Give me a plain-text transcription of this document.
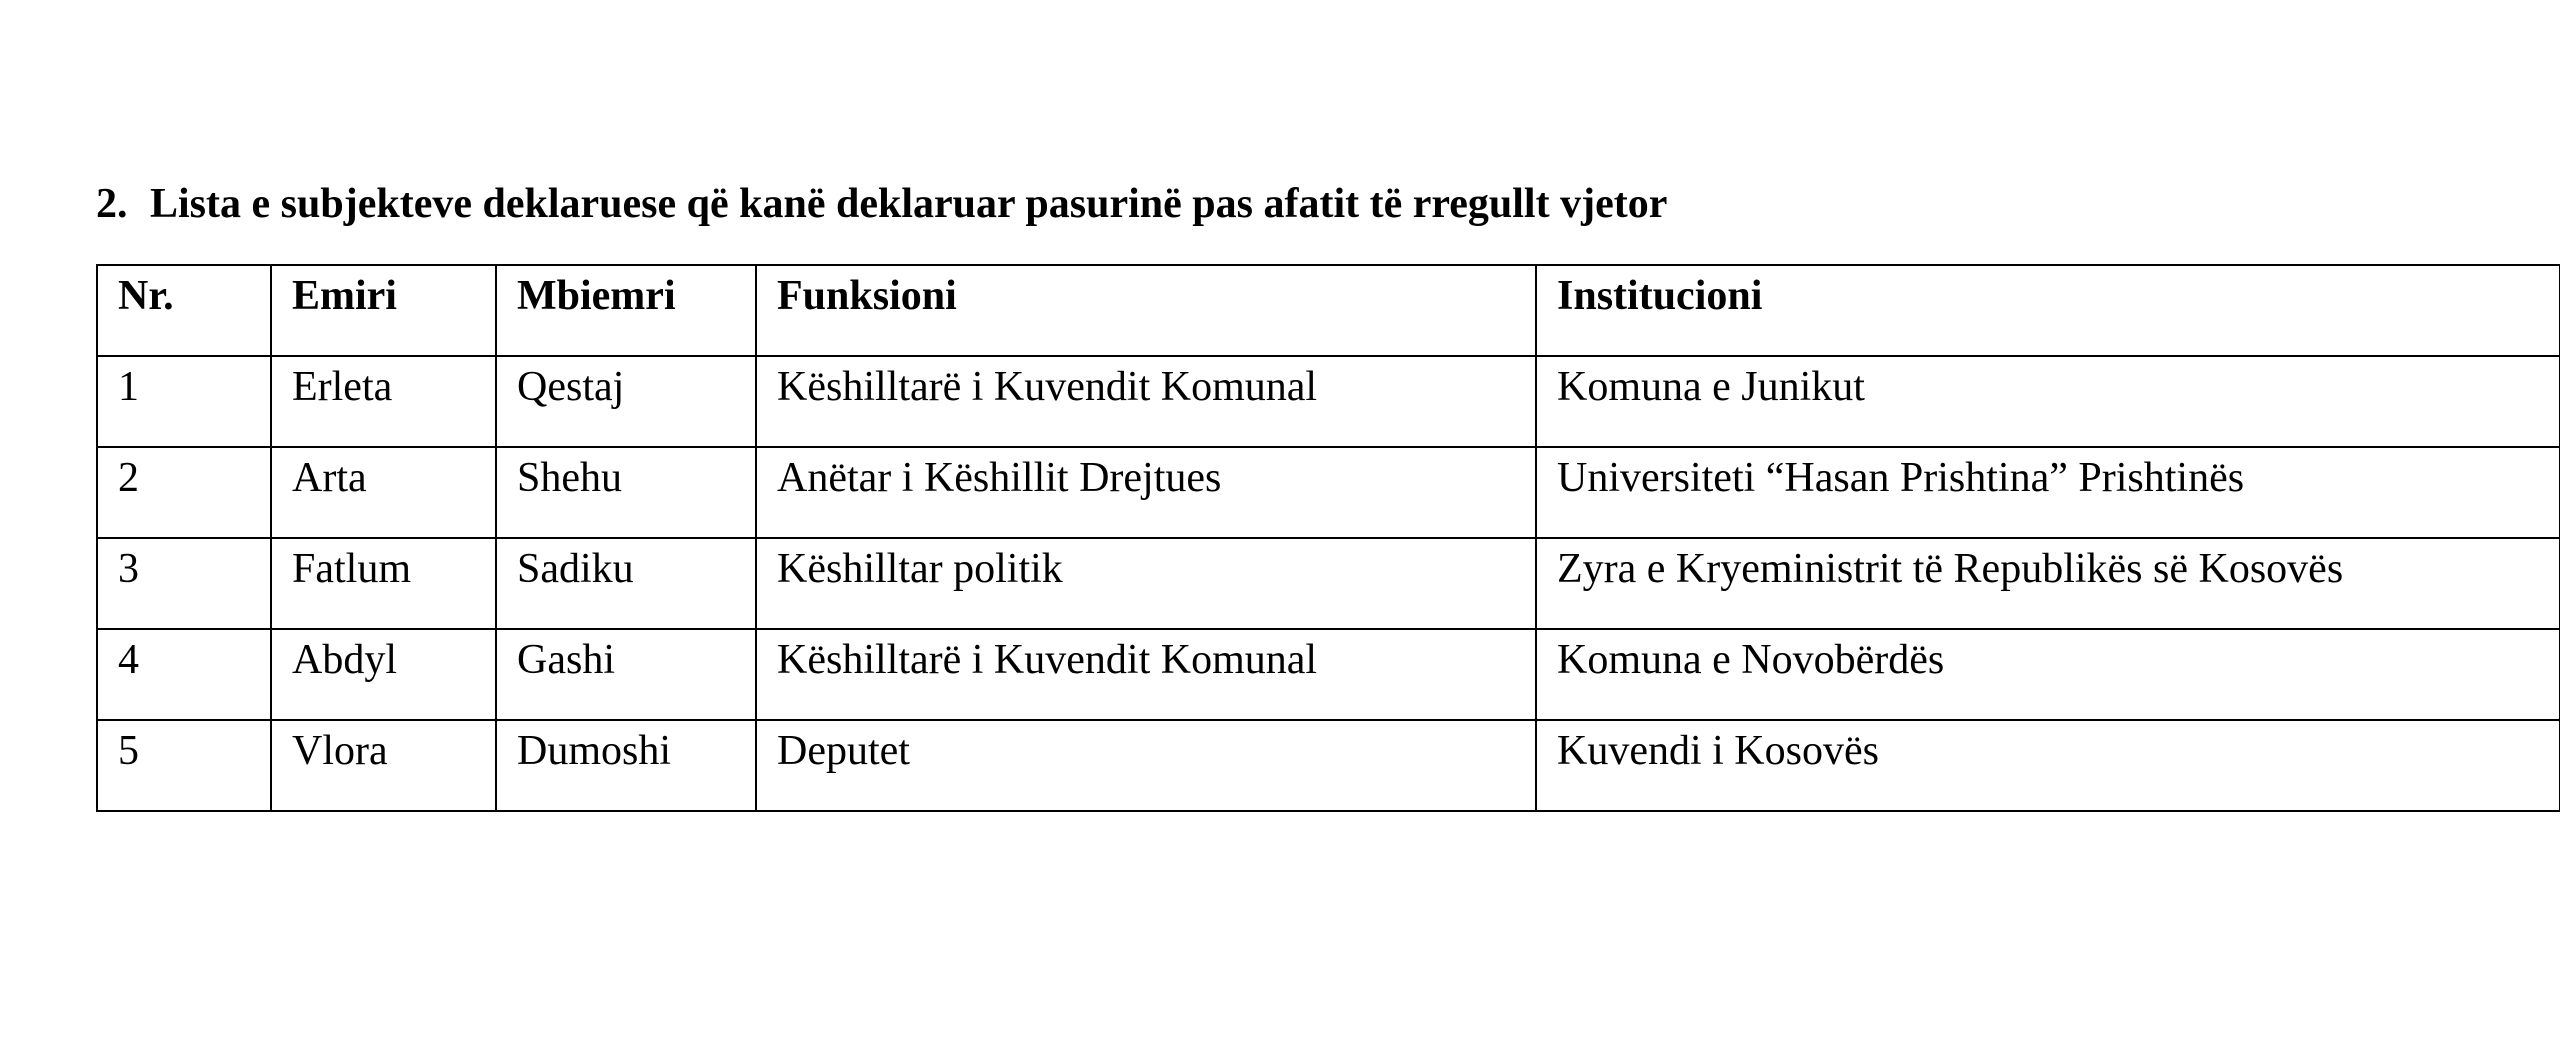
2. Lista e subjekteve deklaruese që kanë deklaruar pasurinë pas afatit të rregullt vjetor
Nr.	Emiri	Mbiemri	Funksioni	Institucioni
1	Erleta	Qestaj	Këshilltarë i Kuvendit Komunal	Komuna e Junikut
2	Arta	Shehu	Anëtar i Këshillit Drejtues	Universiteti “Hasan Prishtina” Prishtinës
3	Fatlum	Sadiku	Këshilltar politik	Zyra e Kryeministrit të Republikës së Kosovës
4	Abdyl	Gashi	Këshilltarë i Kuvendit Komunal	Komuna e Novobërdës
5	Vlora	Dumoshi	Deputet	Kuvendi i Kosovës
